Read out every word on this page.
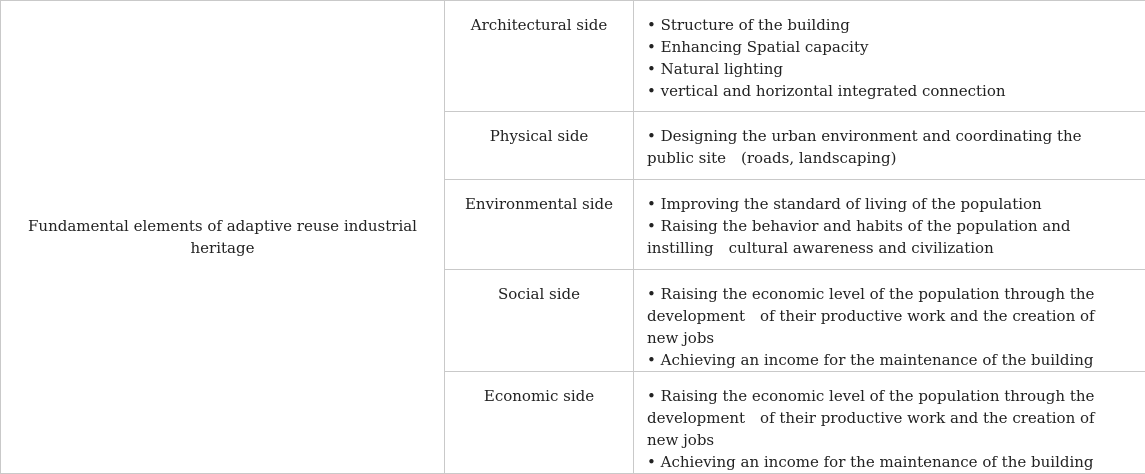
Fundamental elements of adaptive reuse industrial heritage	Architectural side	• Structure of the building
• Enhancing Spatial capacity
• Natural lighting
• vertical and horizontal integrated connection

	Physical side	• Designing the urban environment and coordinating the public site　(roads, landscaping)

	Environmental side	• Improving the standard of living of the population
• Raising the behavior and habits of the population and instilling　cultural awareness and civilization

	Social side	• Raising the economic level of the population through the development　of their productive work and the creation of new jobs
• Achieving an income for the maintenance of the building

	Economic side	• Raising the economic level of the population through the development　of their productive work and the creation of new jobs
• Achieving an income for the maintenance of the building
